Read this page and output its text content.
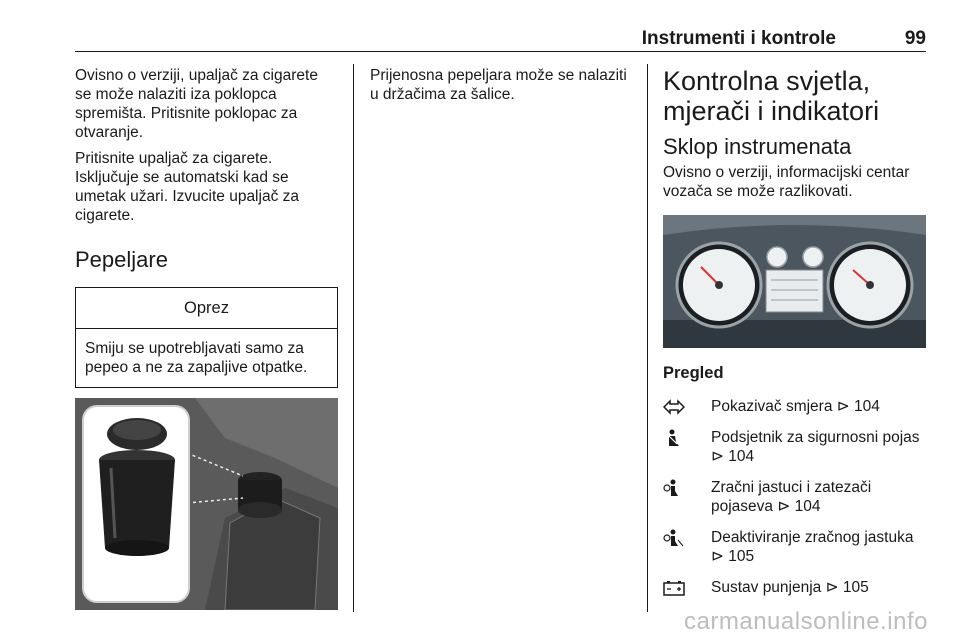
Instrumenti i kontrole	99

Ovisno o verziji, upaljač za cigarete se može nalaziti iza poklopca spremišta. Pritisnite poklopac za otvaranje.

Pritisnite upaljač za cigarete. Isključuje se automatski kad se umetak užari. Izvucite upaljač za cigarete.

Pepeljare
Oprez
Smiju se upotrebljavati samo za pepeo a ne za zapaljive otpatke.

Prijenosna pepeljara može se nalaziti u držačima za šalice.	Kontrolna svjetla, mjerači i indikatori
Sklop instrumenata

Ovisno o verziji, informacijski centar vozača se može razlikovati.

Pregled
Pokazivač smjera ⊳ 104
Podsjetnik za sigurnosni pojas ⊳ 104
Zračni jastuci i zatezači pojaseva ⊳ 104
Deaktiviranje zračnog jastuka ⊳ 105
Sustav punjenja ⊳ 105
carmanualsonline.info
